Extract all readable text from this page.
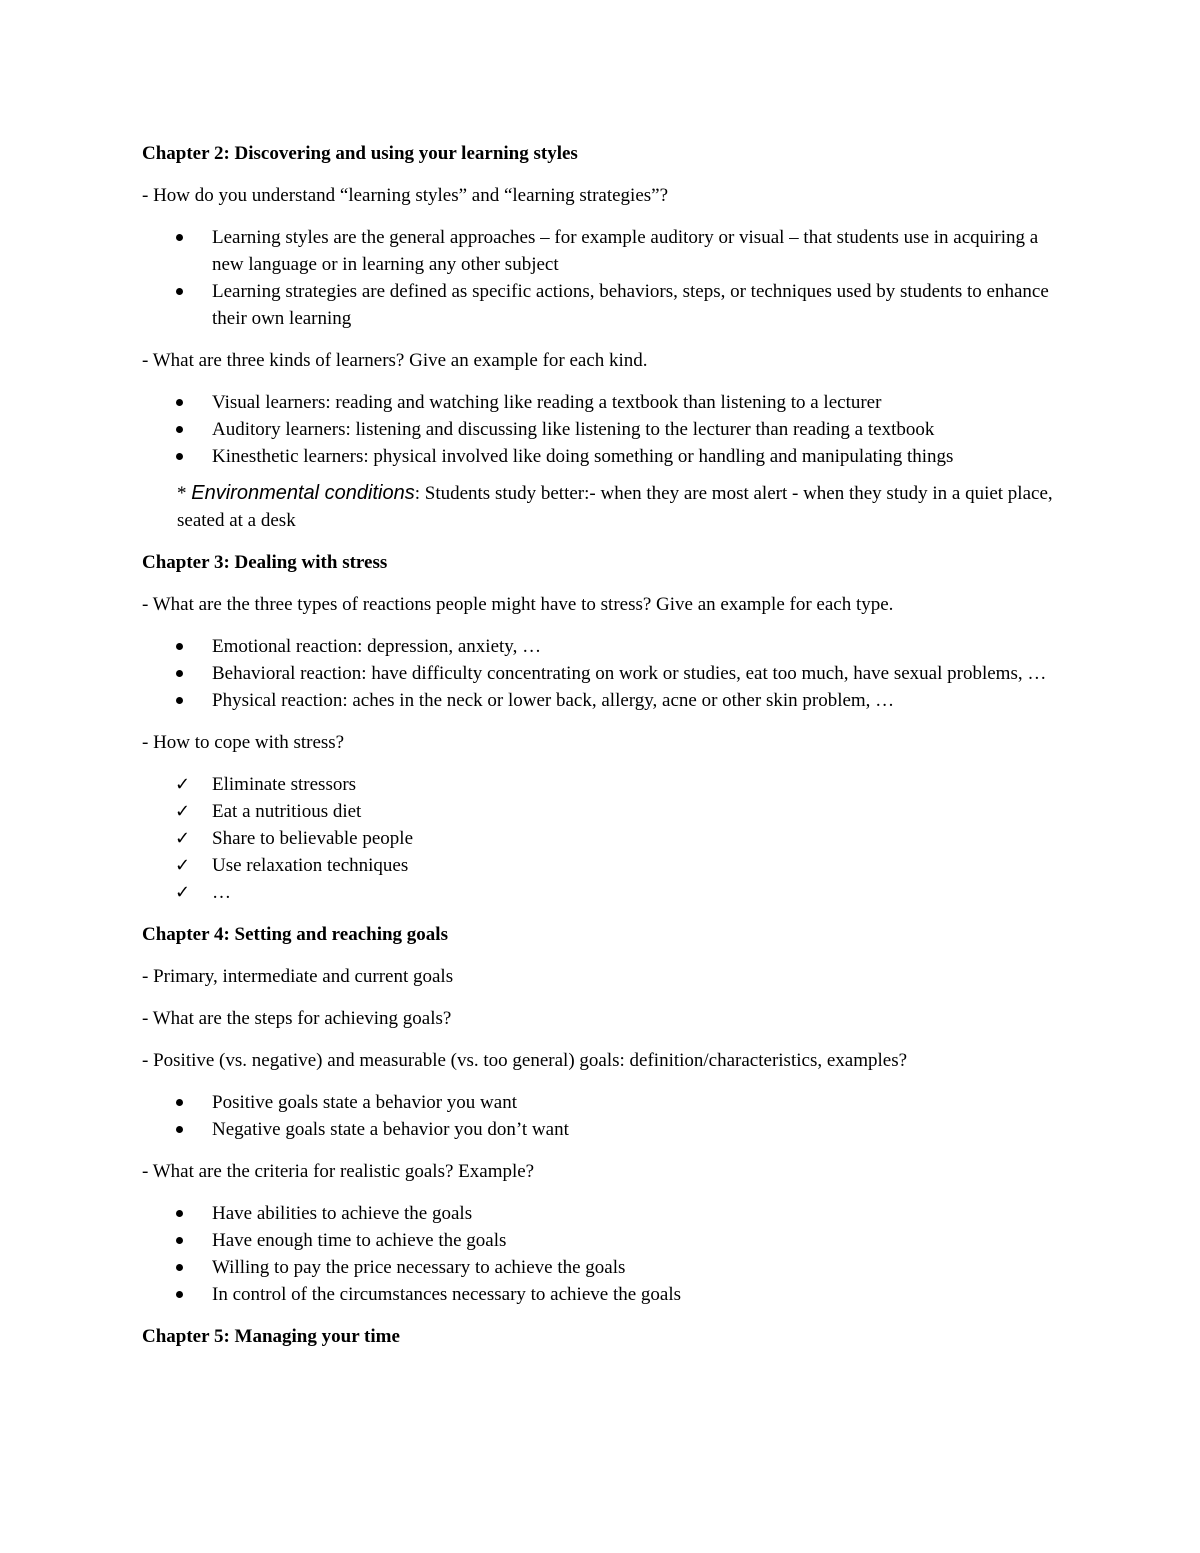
Chapter 2: Discovering and using your learning styles
- How do you understand “learning styles” and “learning strategies”?
Learning styles are the general approaches – for example auditory or visual – that students use in acquiring a new language or in learning any other subject
Learning strategies are defined as specific actions, behaviors, steps, or techniques used by students to enhance their own learning
- What are three kinds of learners? Give an example for each kind.
Visual learners: reading and watching like reading a textbook than listening to a lecturer
Auditory learners: listening and discussing like listening to the lecturer than reading a textbook
Kinesthetic learners: physical involved like doing something or handling and manipulating things
* Environmental conditions: Students study better:- when they are most alert - when they study in a quiet place, seated at a desk
Chapter 3: Dealing with stress
- What are the three types of reactions people might have to stress? Give an example for each type.
Emotional reaction: depression, anxiety, …
Behavioral reaction: have difficulty concentrating on work or studies, eat too much, have sexual problems, …
Physical reaction: aches in the neck or lower back, allergy, acne or other skin problem, …
- How to cope with stress?
✓ Eliminate stressors
✓ Eat a nutritious diet
✓ Share to believable people
✓ Use relaxation techniques
✓ …
Chapter 4: Setting and reaching goals
- Primary, intermediate and current goals
- What are the steps for achieving goals?
- Positive (vs. negative) and measurable (vs. too general) goals: definition/characteristics, examples?
Positive goals state a behavior you want
Negative goals state a behavior you don’t want
- What are the criteria for realistic goals? Example?
Have abilities to achieve the goals
Have enough time to achieve the goals
Willing to pay the price necessary to achieve the goals
In control of the circumstances necessary to achieve the goals
Chapter 5: Managing your time
